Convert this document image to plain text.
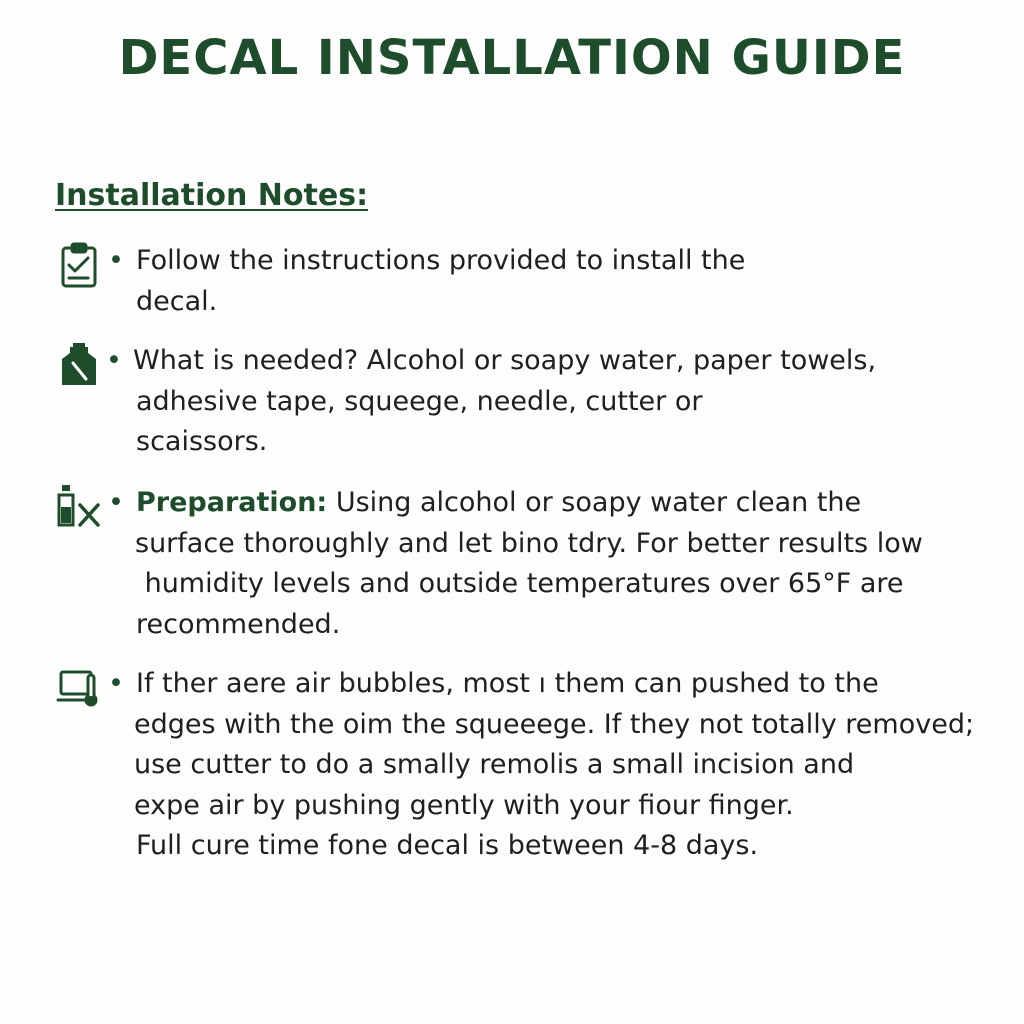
DECAL INSTALLATION GUIDE
Installation Notes:
• Follow the instructions provided to install the
decal.
• What is needed? Alcohol or soapy water, paper towels,
adhesive tape, squeege, needle, cutter or
scaissors.
• Preparation: Using alcohol or soapy water clean the
surface thoroughly and let bino tdry. For better results low
humidity levels and outside temperatures over 65°F are
recommended.
• If ther aere air bubbles, most ı them can pushed to the
edges with the oim the squeeege. If they not totally removed;
use cutter to do a smally remolis a small incision and
expe air by pushing gently with your fiour finger.
Full cure time fone decal is between 4-8 days.
